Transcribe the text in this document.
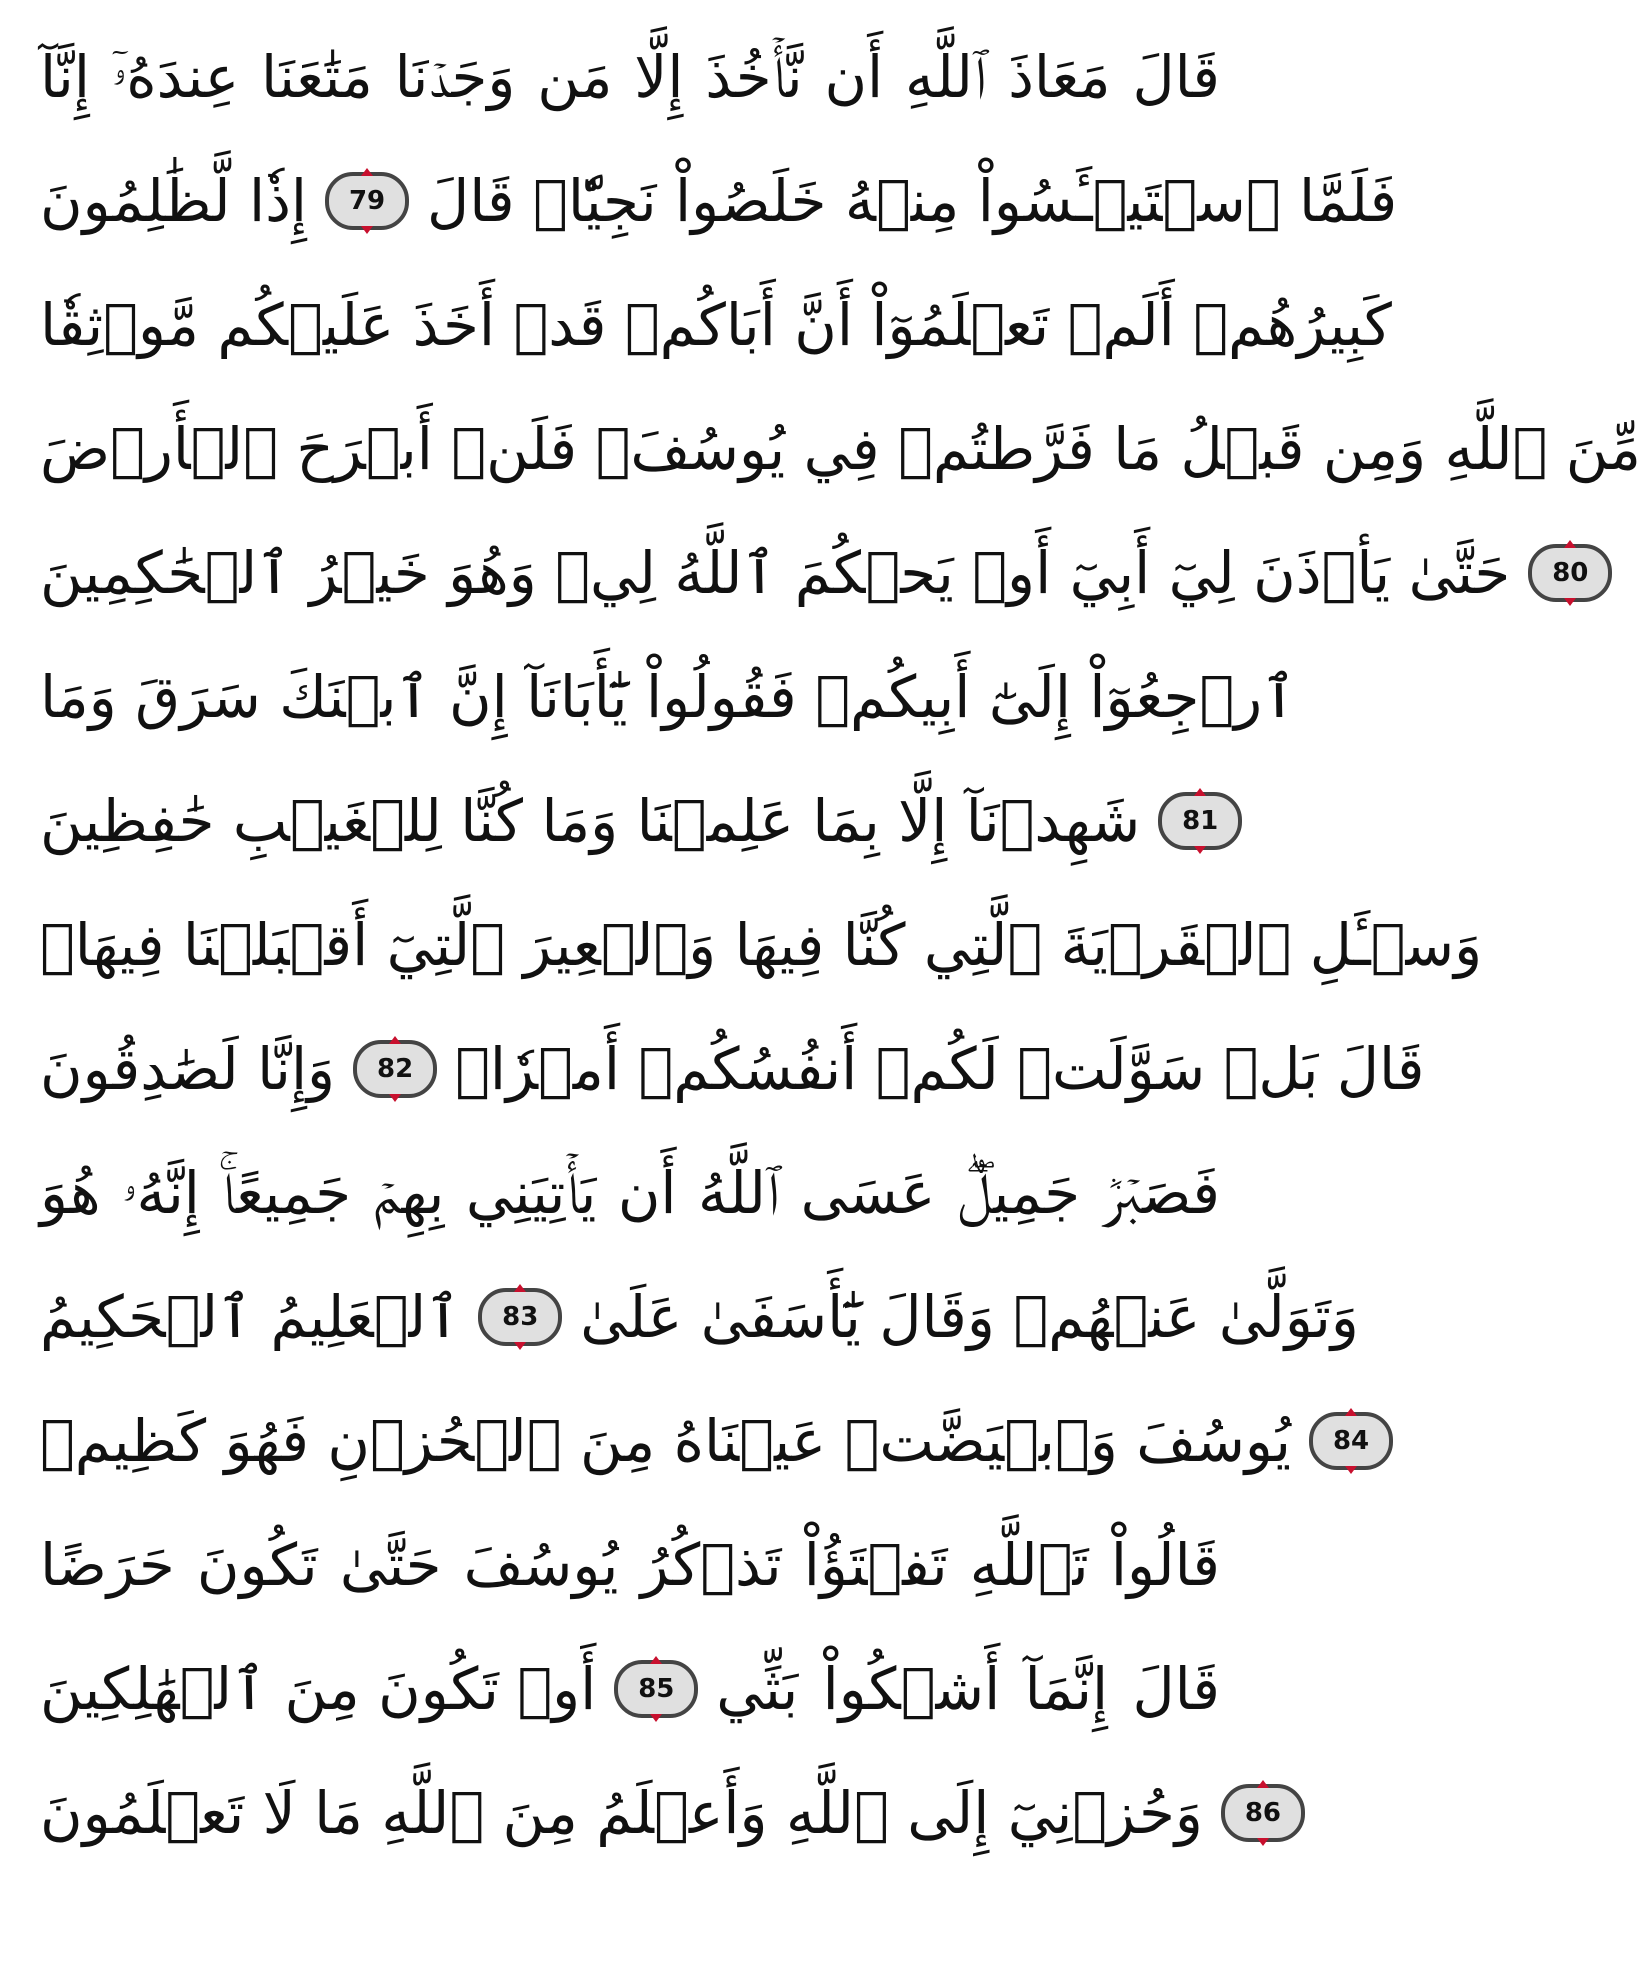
قَالَ مَعَاذَ ٱللَّهِ أَن نَّأۡخُذَ إِلَّا مَن وَجَدۡنَا مَتَٰعَنَا عِندَهُۥٓ إِنَّآ
إِذٗا لَّظَٰلِمُونَ	79 فَلَمَّا ٱسۡتَيۡـَٔسُواْ مِنۡهُ خَلَصُواْ نَجِيّٗاۖ قَالَ
كَبِيرُهُمۡ أَلَمۡ تَعۡلَمُوٓاْ أَنَّ أَبَاكُمۡ قَدۡ أَخَذَ عَلَيۡكُم مَّوۡثِقٗا
مِّنَ ٱللَّهِ وَمِن قَبۡلُ مَا فَرَّطتُمۡ فِي يُوسُفَۖ فَلَنۡ أَبۡرَحَ ٱلۡأَرۡضَ
حَتَّىٰ يَأۡذَنَ لِيٓ أَبِيٓ أَوۡ يَحۡكُمَ ٱللَّهُ لِيۖ وَهُوَ خَيۡرُ ٱلۡحَٰكِمِينَ	80
ٱرۡجِعُوٓاْ إِلَىٰٓ أَبِيكُمۡ فَقُولُواْ يَٰٓأَبَانَآ إِنَّ ٱبۡنَكَ سَرَقَ وَمَا
شَهِدۡنَآ إِلَّا بِمَا عَلِمۡنَا وَمَا كُنَّا لِلۡغَيۡبِ حَٰفِظِينَ	81
وَسۡـَٔلِ ٱلۡقَرۡيَةَ ٱلَّتِي كُنَّا فِيهَا وَٱلۡعِيرَ ٱلَّتِيٓ أَقۡبَلۡنَا فِيهَاۖ
وَإِنَّا لَصَٰدِقُونَ	82 قَالَ بَلۡ سَوَّلَتۡ لَكُمۡ أَنفُسُكُمۡ أَمۡرٗاۖ
فَصَبۡرٞ جَمِيلٌۖ عَسَى ٱللَّهُ أَن يَأۡتِيَنِي بِهِمۡ جَمِيعًاۚ إِنَّهُۥ هُوَ
ٱلۡعَلِيمُ ٱلۡحَكِيمُ	83 وَتَوَلَّىٰ عَنۡهُمۡ وَقَالَ يَٰٓأَسَفَىٰ عَلَىٰ
يُوسُفَ وَٱبۡيَضَّتۡ عَيۡنَاهُ مِنَ ٱلۡحُزۡنِ فَهُوَ كَظِيمٞ	84
قَالُواْ تَٱللَّهِ تَفۡتَؤُاْ تَذۡكُرُ يُوسُفَ حَتَّىٰ تَكُونَ حَرَضًا
أَوۡ تَكُونَ مِنَ ٱلۡهَٰلِكِينَ	85 قَالَ إِنَّمَآ أَشۡكُواْ بَثِّي
وَحُزۡنِيٓ إِلَى ٱللَّهِ وَأَعۡلَمُ مِنَ ٱللَّهِ مَا لَا تَعۡلَمُونَ	86
